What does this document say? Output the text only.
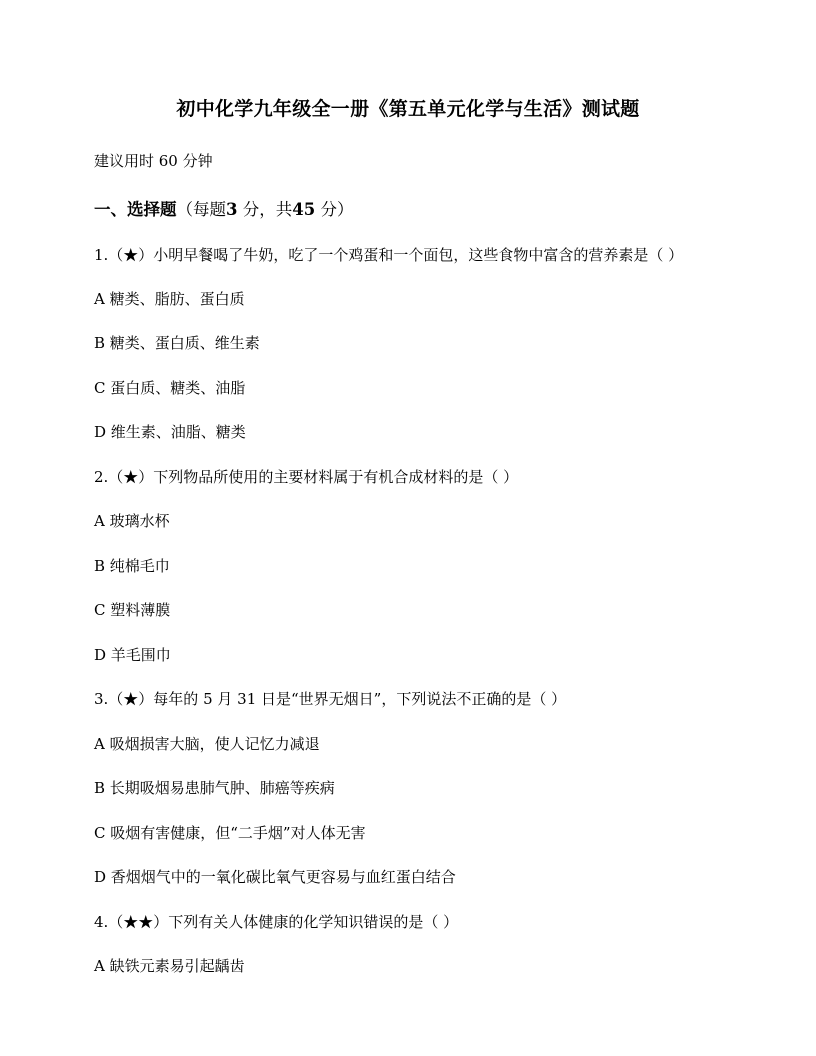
初中化学九年级全一册《第五单元化学与生活》测试题
建议用时 60 分钟
一、选择题（每题3 分，共45 分）
1.（★）小明早餐喝了牛奶，吃了一个鸡蛋和一个面包，这些食物中富含的营养素是（ ）
A 糖类、脂肪、蛋白质
B 糖类、蛋白质、维生素
C 蛋白质、糖类、油脂
D 维生素、油脂、糖类
2.（★）下列物品所使用的主要材料属于有机合成材料的是（ ）
A 玻璃水杯
B 纯棉毛巾
C 塑料薄膜
D 羊毛围巾
3.（★）每年的 5 月 31 日是“世界无烟日”，下列说法不正确的是（ ）
A 吸烟损害大脑，使人记忆力减退
B 长期吸烟易患肺气肿、肺癌等疾病
C 吸烟有害健康，但“二手烟”对人体无害
D 香烟烟气中的一氧化碳比氧气更容易与血红蛋白结合
4.（★★）下列有关人体健康的化学知识错误的是（ ）
A 缺铁元素易引起龋齿
